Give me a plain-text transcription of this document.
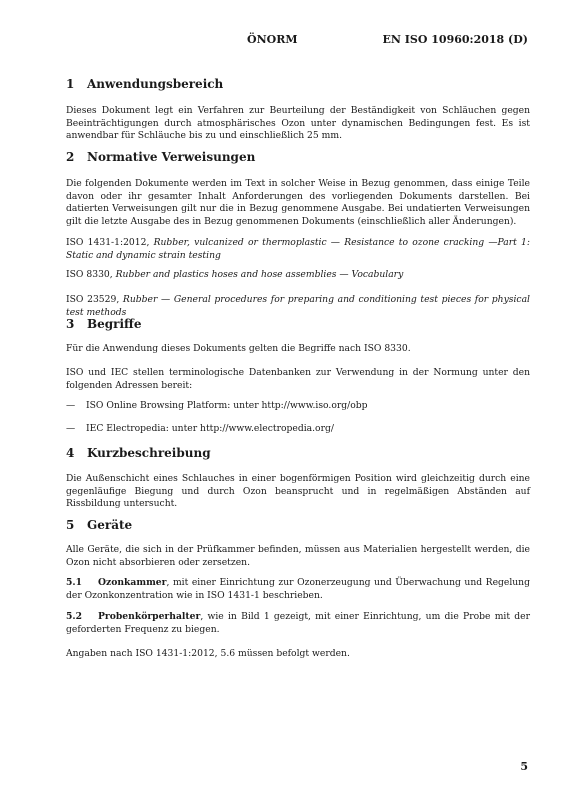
ÖNORM	EN ISO 10960:2018 (D)
1	Anwendungsbereich

Dieses Dokument legt ein Verfahren zur Beurteilung der Beständigkeit von Schläuchen gegen Beeinträchtigungen durch atmosphärisches Ozon unter dynamischen Bedingungen fest. Es ist anwendbar für Schläuche bis zu und einschließlich 25 mm.

2	Normative Verweisungen

Die folgenden Dokumente werden im Text in solcher Weise in Bezug genommen, dass einige Teile davon oder ihr gesamter Inhalt Anforderungen des vorliegenden Dokuments darstellen. Bei datierten Verweisungen gilt nur die in Bezug genommene Ausgabe. Bei undatierten Verweisungen gilt die letzte Ausgabe des in Bezug genommenen Dokuments (einschließlich aller Änderungen).

ISO 1431-1:2012, Rubber, vulcanized or thermoplastic — Resistance to ozone cracking —Part 1: Static and dynamic strain testing

ISO 8330, Rubber and plastics hoses and hose assemblies — Vocabulary

ISO 23529, Rubber — General procedures for preparing and conditioning test pieces for physical test methods

3	Begriffe

Für die Anwendung dieses Dokuments gelten die Begriffe nach ISO 8330.

ISO und IEC stellen terminologische Datenbanken zur Verwendung in der Normung unter den folgenden Adressen bereit:

—	ISO Online Browsing Platform: unter http://www.iso.org/obp
—	IEC Electropedia: unter http://www.electropedia.org/
4	Kurzbeschreibung

Die Außenschicht eines Schlauches in einer bogenförmigen Position wird gleichzeitig durch eine gegenläufige Biegung und durch Ozon beansprucht und in regelmäßigen Abständen auf Rissbildung untersucht.

5	Geräte

Alle Geräte, die sich in der Prüfkammer befinden, müssen aus Materialien hergestellt werden, die Ozon nicht absorbieren oder zersetzen.

5.1 Ozonkammer, mit einer Einrichtung zur Ozonerzeugung und Überwachung und Regelung der Ozonkonzentration wie in ISO 1431-1 beschrieben.

5.2 Probenkörperhalter, wie in Bild 1 gezeigt, mit einer Einrichtung, um die Probe mit der geforderten Frequenz zu biegen.

Angaben nach ISO 1431-1:2012, 5.6 müssen befolgt werden.

5
